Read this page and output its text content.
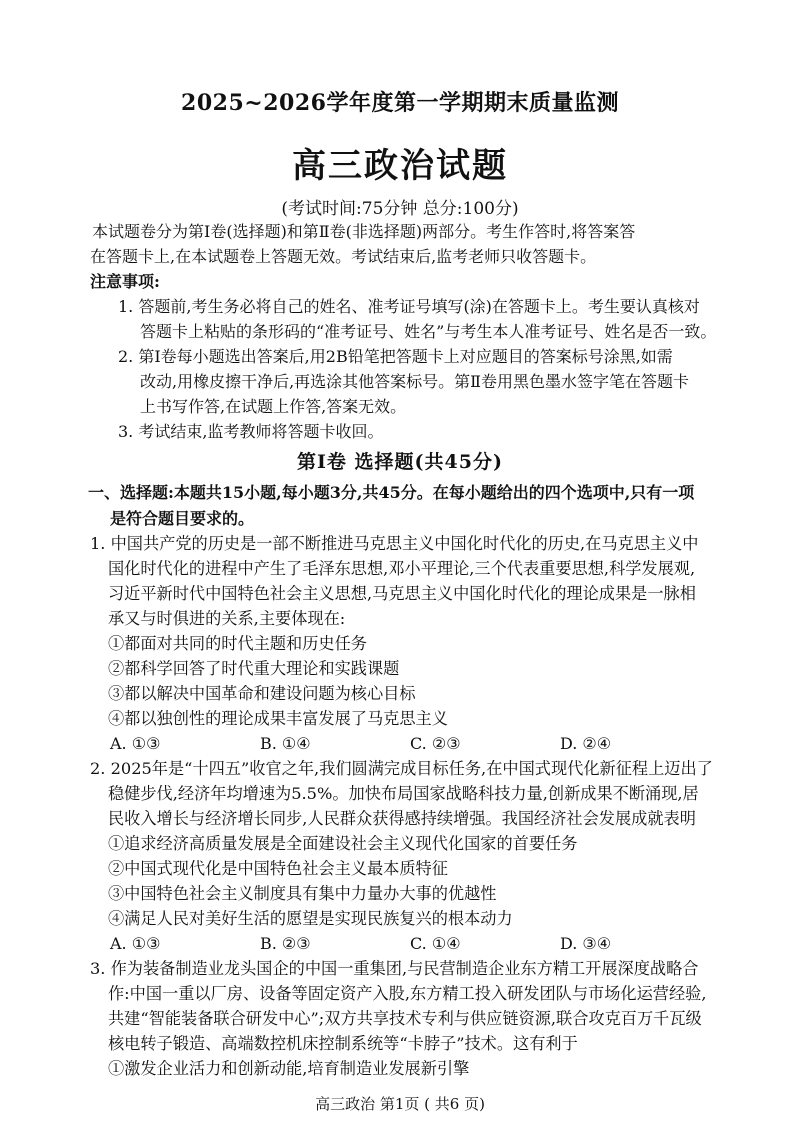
2025~2026学年度第一学期期末质量监测
高三政治试题
(考试时间:75分钟 总分:100分)
本试题卷分为第Ⅰ卷(选择题)和第Ⅱ卷(非选择题)两部分。考生作答时,将答案答
在答题卡上,在本试题卷上答题无效。考试结束后,监考老师只收答题卡。
注意事项:
1. 答题前,考生务必将自己的姓名、准考证号填写(涂)在答题卡上。考生要认真核对
答题卡上粘贴的条形码的“准考证号、姓名”与考生本人准考证号、姓名是否一致。
2. 第Ⅰ卷每小题选出答案后,用2B铅笔把答题卡上对应题目的答案标号涂黑,如需
改动,用橡皮擦干净后,再选涂其他答案标号。第Ⅱ卷用黑色墨水签字笔在答题卡
上书写作答,在试题上作答,答案无效。
3. 考试结束,监考教师将答题卡收回。
第Ⅰ卷 选择题(共45分)
一、选择题:本题共15小题,每小题3分,共45分。在每小题给出的四个选项中,只有一项
是符合题目要求的。
1. 中国共产党的历史是一部不断推进马克思主义中国化时代化的历史,在马克思主义中
国化时代化的进程中产生了毛泽东思想,邓小平理论,三个代表重要思想,科学发展观,
习近平新时代中国特色社会主义思想,马克思主义中国化时代化的理论成果是一脉相
承又与时俱进的关系,主要体现在:
①都面对共同的时代主题和历史任务
②都科学回答了时代重大理论和实践课题
③都以解决中国革命和建设问题为核心目标
④都以独创性的理论成果丰富发展了马克思主义
A. ①③	B. ①④	C. ②③	D. ②④
2. 2025年是“十四五”收官之年,我们圆满完成目标任务,在中国式现代化新征程上迈出了
稳健步伐,经济年均增速为5.5%。加快布局国家战略科技力量,创新成果不断涌现,居
民收入增长与经济增长同步,人民群众获得感持续增强。我国经济社会发展成就表明
①追求经济高质量发展是全面建设社会主义现代化国家的首要任务
②中国式现代化是中国特色社会主义最本质特征
③中国特色社会主义制度具有集中力量办大事的优越性
④满足人民对美好生活的愿望是实现民族复兴的根本动力
A. ①③	B. ②③	C. ①④	D. ③④
3. 作为装备制造业龙头国企的中国一重集团,与民营制造企业东方精工开展深度战略合
作:中国一重以厂房、设备等固定资产入股,东方精工投入研发团队与市场化运营经验,
共建“智能装备联合研发中心”;双方共享技术专利与供应链资源,联合攻克百万千瓦级
核电转子锻造、高端数控机床控制系统等“卡脖子”技术。这有利于
①激发企业活力和创新动能,培育制造业发展新引擎
高三政治 第1页 ( 共6 页)
